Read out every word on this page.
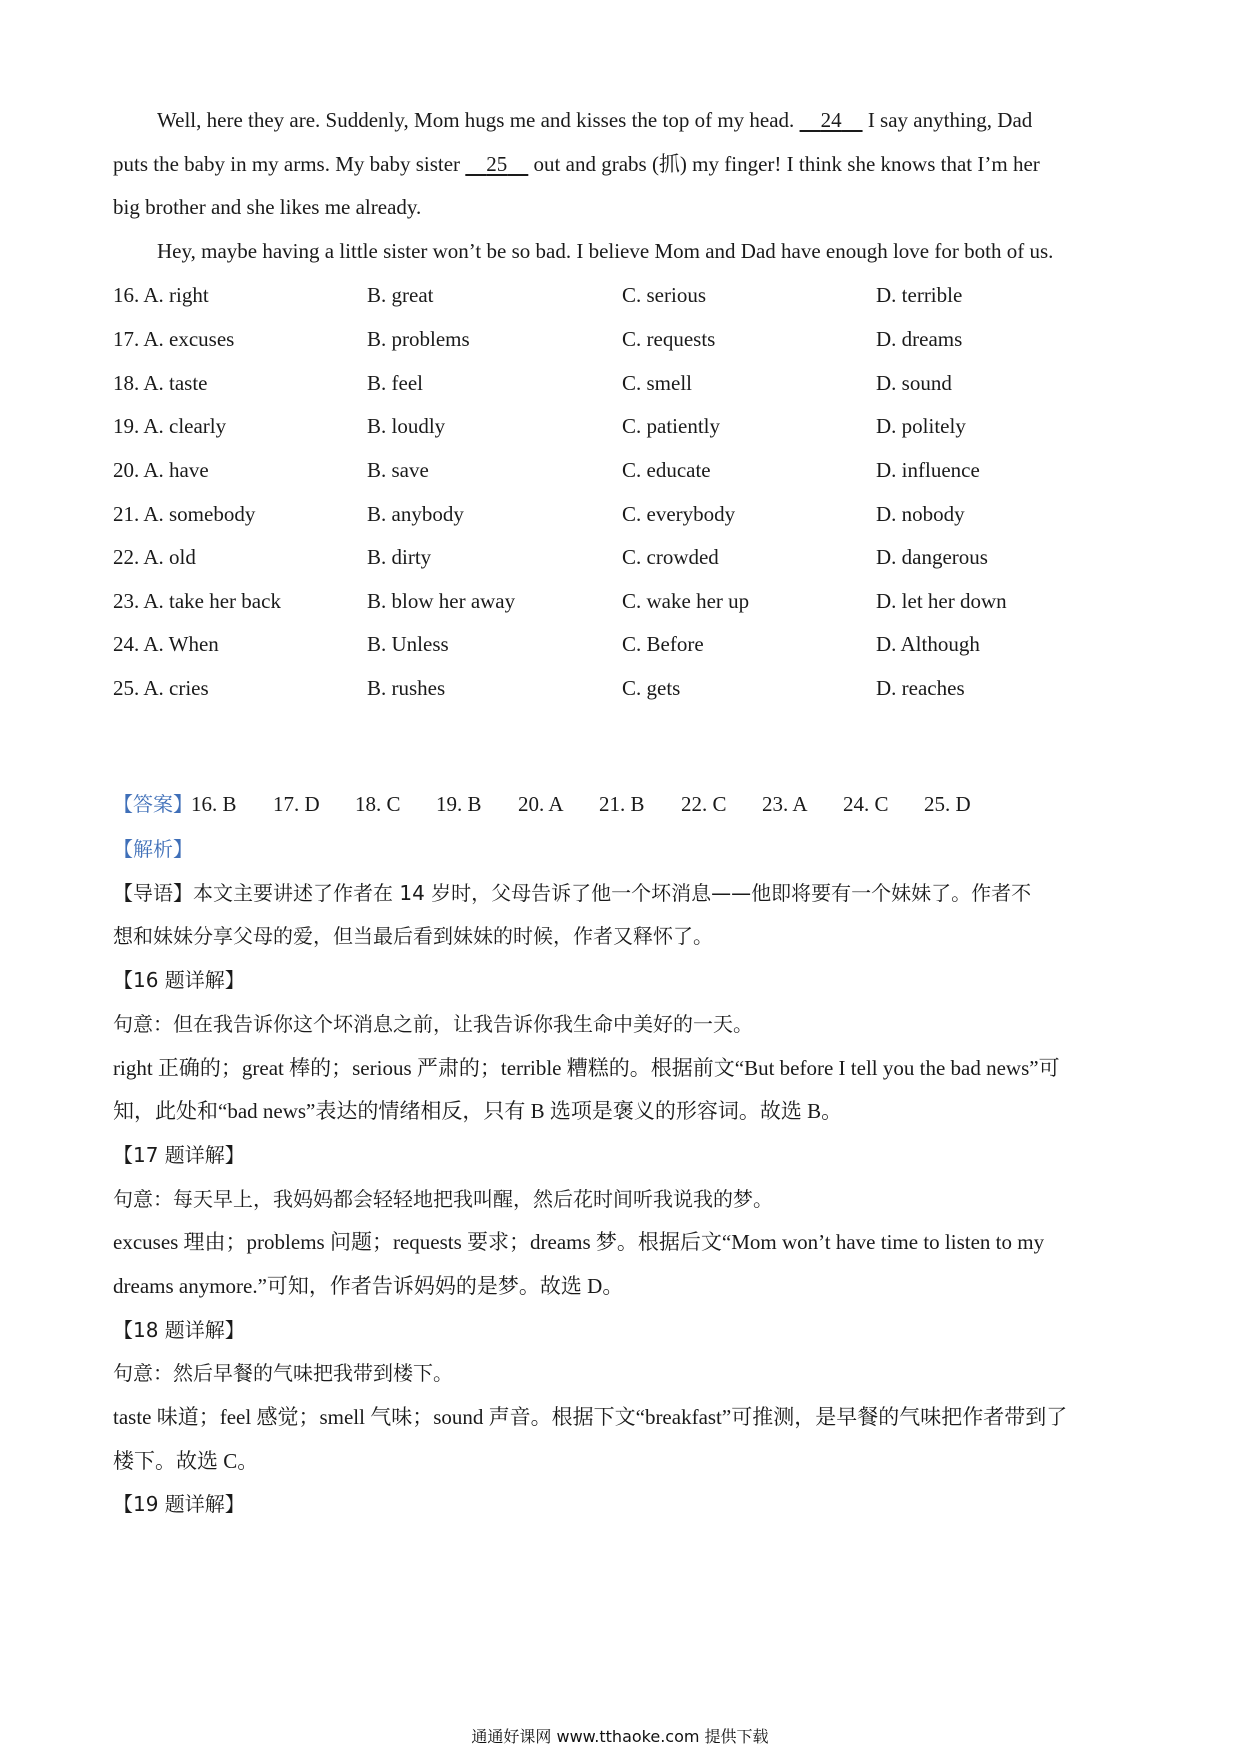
Well, here they are. Suddenly, Mom hugs me and kisses the top of my head. 24 I say anything, Dad
puts the baby in my arms. My baby sister 25 out and grabs (抓) my finger! I think she knows that I’m her
big brother and she likes me already.
Hey, maybe having a little sister won’t be so bad. I believe Mom and Dad have enough love for both of us.
16. A. right	B. great	C. serious	D. terrible
17. A. excuses	B. problems	C. requests	D. dreams
18. A. taste	B. feel	C. smell	D. sound
19. A. clearly	B. loudly	C. patiently	D. politely
20. A. have	B. save	C. educate	D. influence
21. A. somebody	B. anybody	C. everybody	D. nobody
22. A. old	B. dirty	C. crowded	D. dangerous
23. A. take her back	B. blow her away	C. wake her up	D. let her down
24. A. When	B. Unless	C. Before	D. Although
25. A. cries	B. rushes	C. gets	D. reaches
【答案】
16. B 17. D 18. C 19. B 20. A 21. B 22. C 23. A 24. C 25. D
【解析】
【导语】本文主要讲述了作者在 14 岁时，父母告诉了他一个坏消息——他即将要有一个妹妹了。作者不
想和妹妹分享父母的爱，但当最后看到妹妹的时候，作者又释怀了。
【16 题详解】
句意：但在我告诉你这个坏消息之前，让我告诉你我生命中美好的一天。
right 正确的；great 棒的；serious 严肃的；terrible 糟糕的。根据前文“But before I tell you the bad news”可
知，此处和“bad news”表达的情绪相反，只有 B 选项是褒义的形容词。故选 B。
【17 题详解】
句意：每天早上，我妈妈都会轻轻地把我叫醒，然后花时间听我说我的梦。
excuses 理由；problems 问题；requests 要求；dreams 梦。根据后文“Mom won’t have time to listen to my
dreams anymore.”可知，作者告诉妈妈的是梦。故选 D。
【18 题详解】
句意：然后早餐的气味把我带到楼下。
taste 味道；feel 感觉；smell 气味；sound 声音。根据下文“breakfast”可推测，是早餐的气味把作者带到了
楼下。故选 C。
【19 题详解】
通通好课网 www.tthaoke.com 提供下载
